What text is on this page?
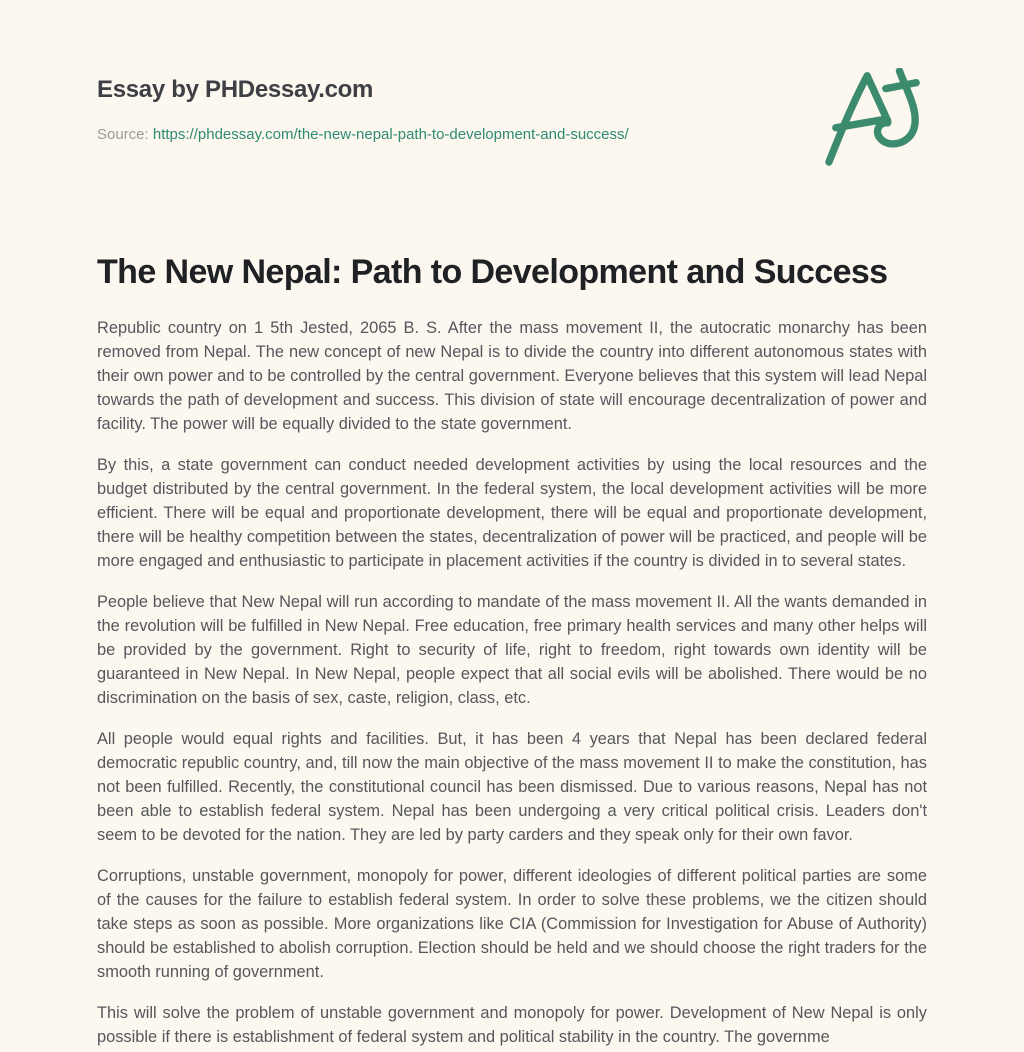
Essay by PHDessay.com

Source: https://phdessay.com/the-new-nepal-path-to-development-and-success/

The New Nepal: Path to Development and Success

Republic country on 1 5th Jested, 2065 B. S. After the mass movement II, the autocratic monarchy has been removed from Nepal. The new concept of new Nepal is to divide the country into different autonomous states with their own power and to be controlled by the central government. Everyone believes that this system will lead Nepal towards the path of development and success. This division of state will encourage decentralization of power and facility. The power will be equally divided to the state government.

By this, a state government can conduct needed development activities by using the local resources and the budget distributed by the central government. In the federal system, the local development activities will be more efficient. There will be equal and proportionate development, there will be equal and proportionate development, there will be healthy competition between the states, decentralization of power will be practiced, and people will be more engaged and enthusiastic to participate in placement activities if the country is divided in to several states.

People believe that New Nepal will run according to mandate of the mass movement II. All the wants demanded in the revolution will be fulfilled in New Nepal. Free education, free primary health services and many other helps will be provided by the government. Right to security of life, right to freedom, right towards own identity will be guaranteed in New Nepal. In New Nepal, people expect that all social evils will be abolished. There would be no discrimination on the basis of sex, caste, religion, class, etc.

All people would equal rights and facilities. But, it has been 4 years that Nepal has been declared federal democratic republic country, and, till now the main objective of the mass movement II to make the constitution, has not been fulfilled. Recently, the constitutional council has been dismissed. Due to various reasons, Nepal has not been able to establish federal system. Nepal has been undergoing a very critical political crisis. Leaders don't seem to be devoted for the nation. They are led by party carders and they speak only for their own favor.

Corruptions, unstable government, monopoly for power, different ideologies of different political parties are some of the causes for the failure to establish federal system. In order to solve these problems, we the citizen should take steps as soon as possible. More organizations like CIA (Commission for Investigation for Abuse of Authority) should be established to abolish corruption. Election should be held and we should choose the right traders for the smooth running of government.

This will solve the problem of unstable government and monopoly for power. Development of New Nepal is only possible if there is establishment of federal system and political stability in the country. The governme
